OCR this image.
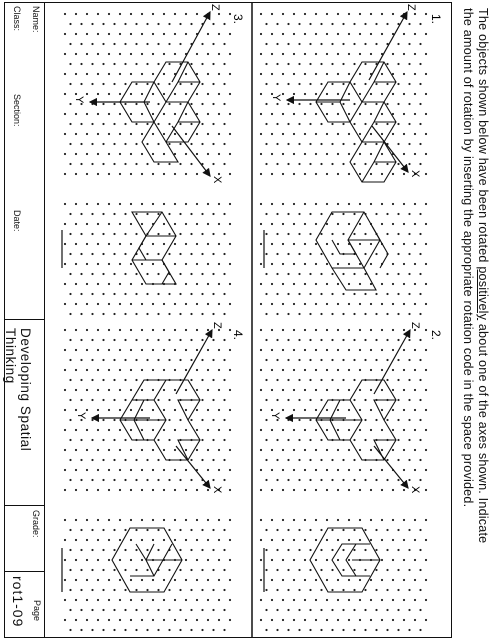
The objects shown below have been rotated positively about one of the axes shown. Indicate
the amount of rotation by inserting the appropriate rotation code in the space provided.
1.
2.
3.
4.
Z
Y
X
Z
Y
X
Z
Y
X
Z
Y
X
Name:
Class:
Section:
Date:
Developing Spatial Thinking
Grade:
Page
rot1-09
